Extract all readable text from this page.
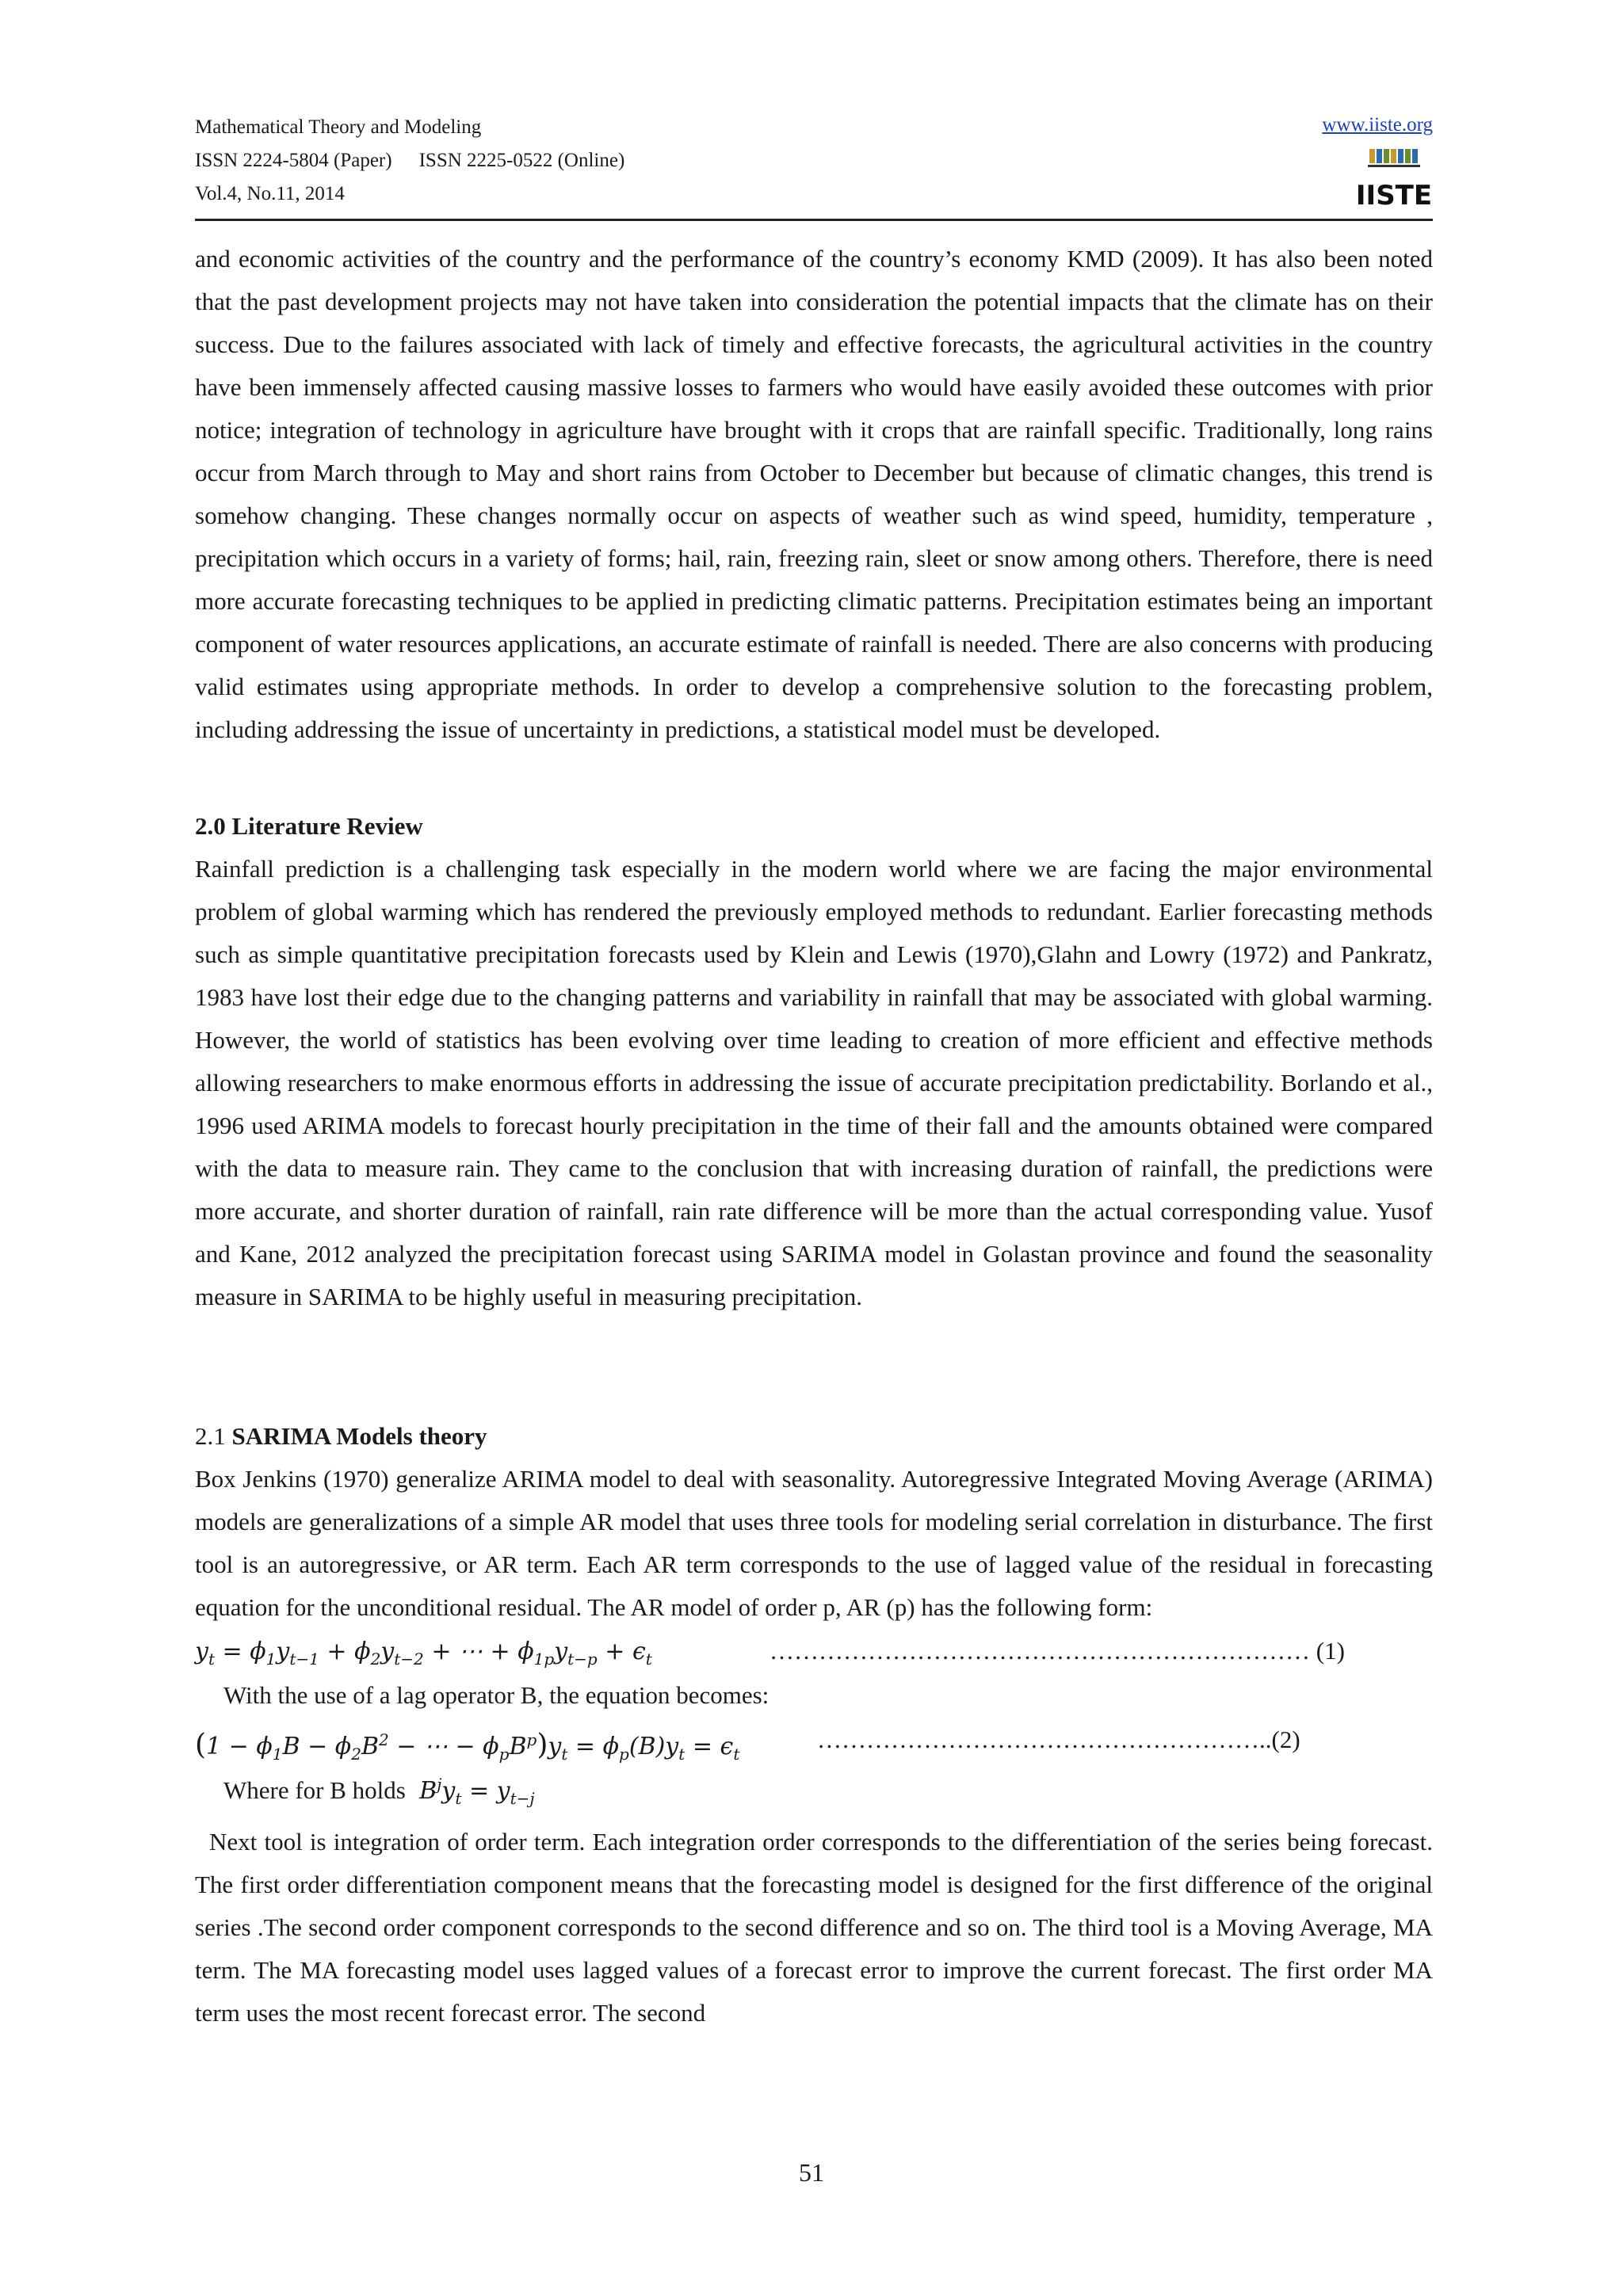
Mathematical Theory and Modeling
ISSN 2224-5804 (Paper) ISSN 2225-0522 (Online)
Vol.4, No.11, 2014
www.iiste.org
IISTE

and economic activities of the country and the performance of the country’s economy KMD (2009). It has also been noted that the past development projects may not have taken into consideration the potential impacts that the climate has on their success. Due to the failures associated with lack of timely and effective forecasts, the agricultural activities in the country have been immensely affected causing massive losses to farmers who would have easily avoided these outcomes with prior notice; integration of technology in agriculture have brought with it crops that are rainfall specific. Traditionally, long rains occur from March through to May and short rains from October to December but because of climatic changes, this trend is somehow changing. These changes normally occur on aspects of weather such as wind speed, humidity, temperature , precipitation which occurs in a variety of forms; hail, rain, freezing rain, sleet or snow among others. Therefore, there is need more accurate forecasting techniques to be applied in predicting climatic patterns. Precipitation estimates being an important component of water resources applications, an accurate estimate of rainfall is needed. There are also concerns with producing valid estimates using appropriate methods. In order to develop a comprehensive solution to the forecasting problem, including addressing the issue of uncertainty in predictions, a statistical model must be developed.

2.0 Literature Review

Rainfall prediction is a challenging task especially in the modern world where we are facing the major environmental problem of global warming which has rendered the previously employed methods to redundant. Earlier forecasting methods such as simple quantitative precipitation forecasts used by Klein and Lewis (1970),Glahn and Lowry (1972) and Pankratz, 1983 have lost their edge due to the changing patterns and variability in rainfall that may be associated with global warming. However, the world of statistics has been evolving over time leading to creation of more efficient and effective methods allowing researchers to make enormous efforts in addressing the issue of accurate precipitation predictability. Borlando et al., 1996 used ARIMA models to forecast hourly precipitation in the time of their fall and the amounts obtained were compared with the data to measure rain. They came to the conclusion that with increasing duration of rainfall, the predictions were more accurate, and shorter duration of rainfall, rain rate difference will be more than the actual corresponding value. Yusof and Kane, 2012 analyzed the precipitation forecast using SARIMA model in Golastan province and found the seasonality measure in SARIMA to be highly useful in measuring precipitation.

2.1 SARIMA Models theory

Box Jenkins (1970) generalize ARIMA model to deal with seasonality. Autoregressive Integrated Moving Average (ARIMA) models are generalizations of a simple AR model that uses three tools for modeling serial correlation in disturbance. The first tool is an autoregressive, or AR term. Each AR term corresponds to the use of lagged value of the residual in forecasting equation for the unconditional residual. The AR model of order p, AR (p) has the following form:

$y_t = \phi_1y_{t-1} + \phi_2y_{t-2}$ + ⋯ + $\phi_{1p}y_{t-p} + \epsilon_t$	………………………………………………………… (1)
With the use of a lag operator B, the equation becomes:
($1 - \phi_1B - \phi_2B^2$ − ⋯ − $\phi_pB^p)y_t = \phi_p(B)y_t = \epsilon_t$
………………………………………………..(2)
Where for B holds  $B^jy_t = y_{t-j}$

Next tool is integration of order term. Each integration order corresponds to the differentiation of the series being forecast. The first order differentiation component means that the forecasting model is designed for the first difference of the original series .The second order component corresponds to the second difference and so on. The third tool is a Moving Average, MA term. The MA forecasting model uses lagged values of a forecast error to improve the current forecast. The first order MA term uses the most recent forecast error. The second

51
